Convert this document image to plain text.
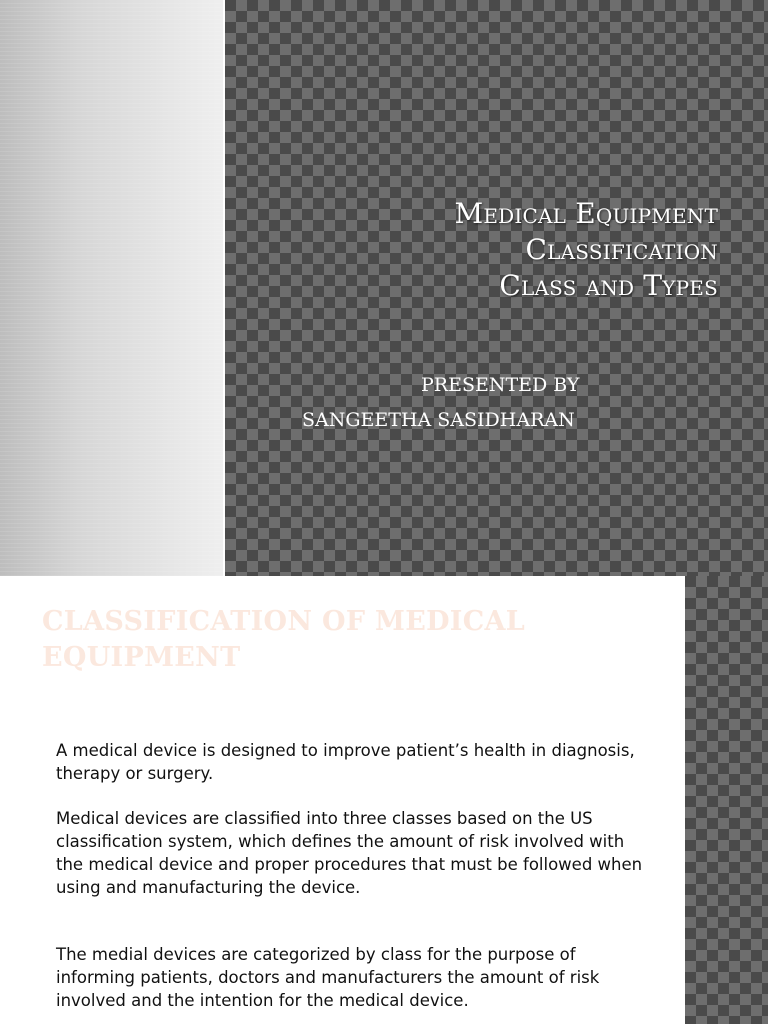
Medical Equipment
Classification
Class and Types
PRESENTED BY
SANGEETHA SASIDHARAN
CLASSIFICATION OF MEDICAL
EQUIPMENT

A medical device is designed to improve patient’s health in diagnosis, therapy or surgery.

Medical devices are classified into three classes based on the US classification system, which defines the amount of risk involved with the medical device and proper procedures that must be followed when using and manufacturing the device.

The medial devices are categorized by class for the purpose of informing patients, doctors and manufacturers the amount of risk involved and the intention for the medical device.
